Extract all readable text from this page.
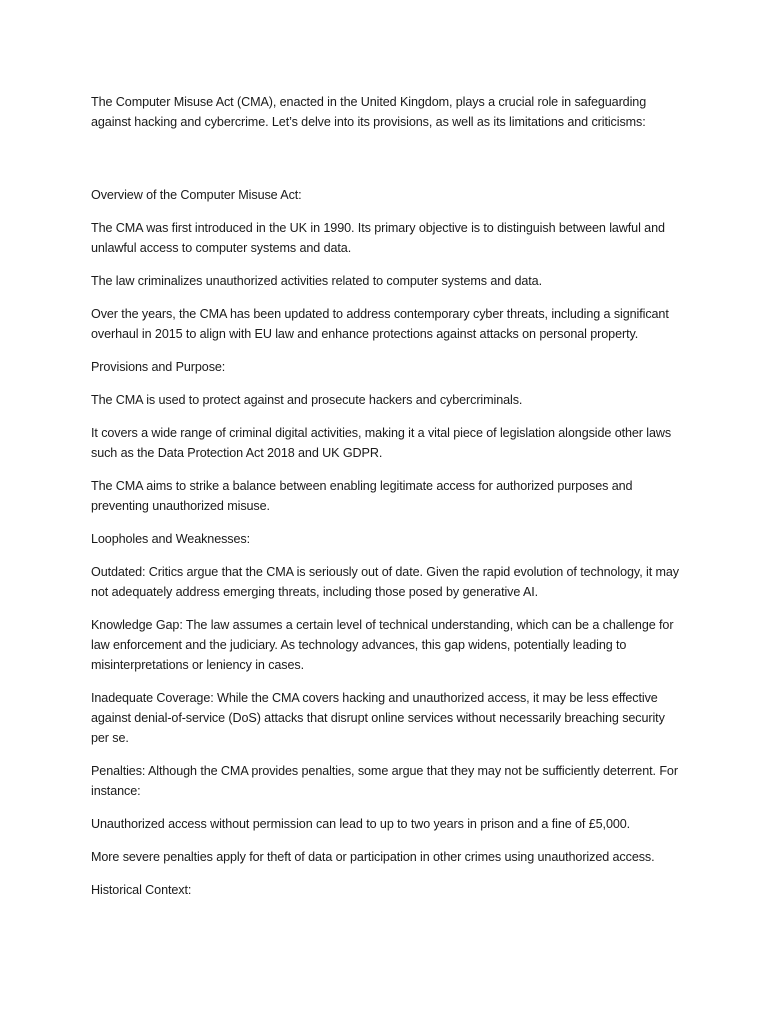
The Computer Misuse Act (CMA), enacted in the United Kingdom, plays a crucial role in safeguarding against hacking and cybercrime. Let’s delve into its provisions, as well as its limitations and criticisms:

Overview of the Computer Misuse Act:

The CMA was first introduced in the UK in 1990. Its primary objective is to distinguish between lawful and unlawful access to computer systems and data.

The law criminalizes unauthorized activities related to computer systems and data.

Over the years, the CMA has been updated to address contemporary cyber threats, including a significant overhaul in 2015 to align with EU law and enhance protections against attacks on personal property.

Provisions and Purpose:

The CMA is used to protect against and prosecute hackers and cybercriminals.

It covers a wide range of criminal digital activities, making it a vital piece of legislation alongside other laws such as the Data Protection Act 2018 and UK GDPR.

The CMA aims to strike a balance between enabling legitimate access for authorized purposes and preventing unauthorized misuse.

Loopholes and Weaknesses:

Outdated: Critics argue that the CMA is seriously out of date. Given the rapid evolution of technology, it may not adequately address emerging threats, including those posed by generative AI.

Knowledge Gap: The law assumes a certain level of technical understanding, which can be a challenge for law enforcement and the judiciary. As technology advances, this gap widens, potentially leading to misinterpretations or leniency in cases.

Inadequate Coverage: While the CMA covers hacking and unauthorized access, it may be less effective against denial-of-service (DoS) attacks that disrupt online services without necessarily breaching security per se.

Penalties: Although the CMA provides penalties, some argue that they may not be sufficiently deterrent. For instance:

Unauthorized access without permission can lead to up to two years in prison and a fine of £5,000.

More severe penalties apply for theft of data or participation in other crimes using unauthorized access.

Historical Context:
